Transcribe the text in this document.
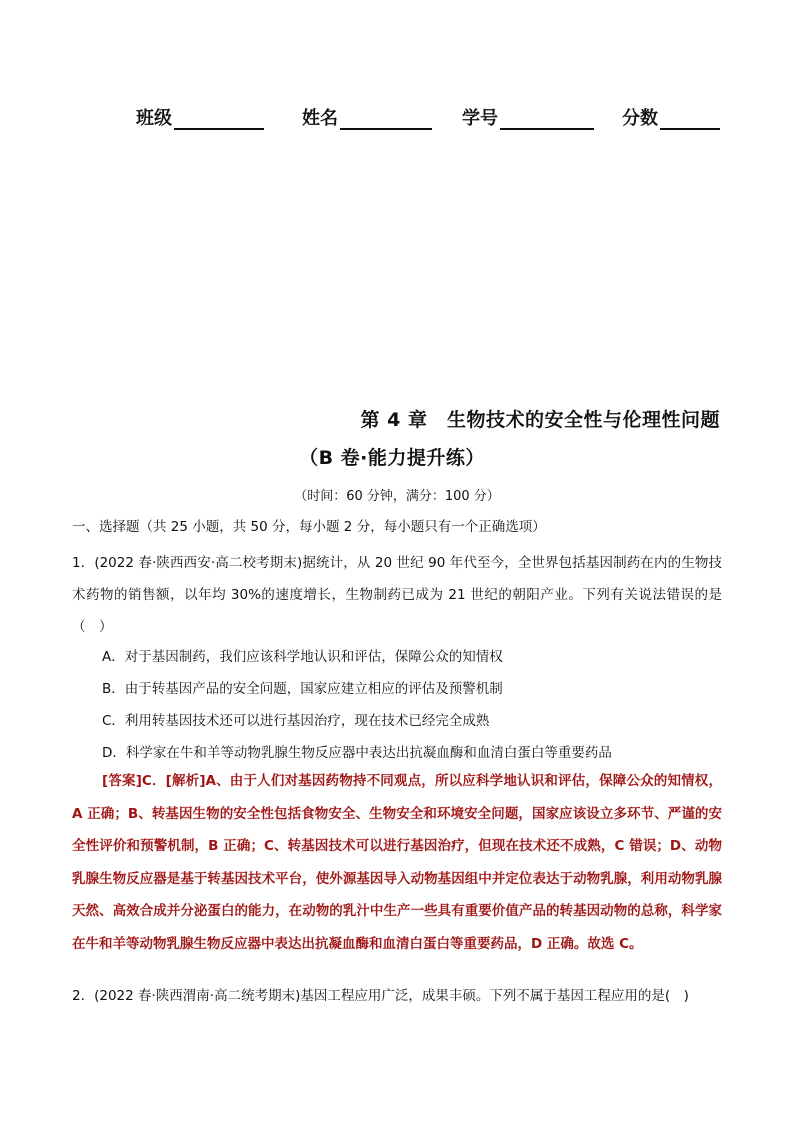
班级	姓名	学号	分数
第 4 章　生物技术的安全性与伦理性问题
（B 卷·能力提升练）
（时间：60 分钟，满分：100 分）
一、选择题（共 25 小题，共 50 分，每小题 2 分，每小题只有一个正确选项）
1．(2022 春·陕西西安·高二校考期末)据统计，从 20 世纪 90 年代至今，全世界包括基因制药在内的生物技术药物的销售额，以年均 30%的速度增长，生物制药已成为 21 世纪的朝阳产业。下列有关说法错误的是（　）
A．对于基因制药，我们应该科学地认识和评估，保障公众的知情权
B．由于转基因产品的安全问题，国家应建立相应的评估及预警机制
C．利用转基因技术还可以进行基因治疗，现在技术已经完全成熟
D．科学家在牛和羊等动物乳腺生物反应器中表达出抗凝血酶和血清白蛋白等重要药品
[答案]C．[解析]A、由于人们对基因药物持不同观点，所以应科学地认识和评估，保障公众的知情权，A 正确；B、转基因生物的安全性包括食物安全、生物安全和环境安全问题，国家应该设立多环节、严谨的安全性评价和预警机制，B 正确；C、转基因技术可以进行基因治疗，但现在技术还不成熟，C 错误；D、动物乳腺生物反应器是基于转基因技术平台，使外源基因导入动物基因组中并定位表达于动物乳腺，利用动物乳腺天然、高效合成并分泌蛋白的能力，在动物的乳汁中生产一些具有重要价值产品的转基因动物的总称，科学家在牛和羊等动物乳腺生物反应器中表达出抗凝血酶和血清白蛋白等重要药品，D 正确。故选 C。
2．(2022 春·陕西渭南·高二统考期末)基因工程应用广泛，成果丰硕。下列不属于基因工程应用的是(　)
